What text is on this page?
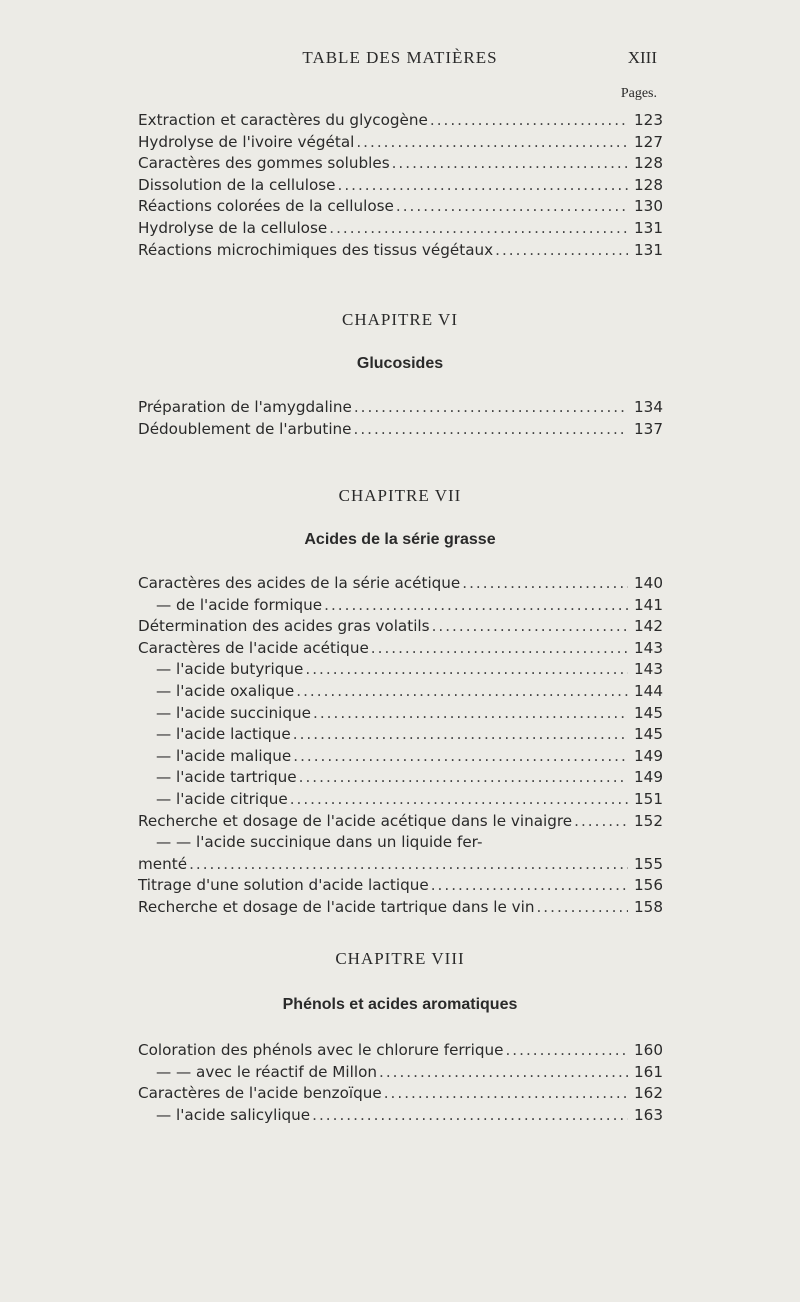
TABLE DES MATIÈRES	XIII
Pages.
Extraction et caractères du glycogène .....	123
Hydrolyse de l'ivoire végétal .....	127
Caractères des gommes solubles .....	128
Dissolution de la cellulose .....	128
Réactions colorées de la cellulose .....	130
Hydrolyse de la cellulose .....	131
Réactions microchimiques des tissus végétaux .....	131
CHAPITRE VI
Glucosides
Préparation de l'amygdaline .....	134
Dédoublement de l'arbutine .....	137
CHAPITRE VII
Acides de la série grasse
Caractères des acides de la série acétique .....	140
— de l'acide formique .....	141
Détermination des acides gras volatils .....	142
Caractères de l'acide acétique .....	143
— l'acide butyrique .....	143
— l'acide oxalique .....	144
— l'acide succinique .....	145
— l'acide lactique .....	145
— l'acide malique .....	149
— l'acide tartrique .....	149
— l'acide citrique .....	151
Recherche et dosage de l'acide acétique dans le vinaigre .....	152
— — l'acide succinique dans un liquide fer-
menté .....	155
Titrage d'une solution d'acide lactique .....	156
Recherche et dosage de l'acide tartrique dans le vin .....	158
CHAPITRE VIII
Phénols et acides aromatiques
Coloration des phénols avec le chlorure ferrique .....	160
— — avec le réactif de Millon .....	161
Caractères de l'acide benzoïque .....	162
— l'acide salicylique .....	163
